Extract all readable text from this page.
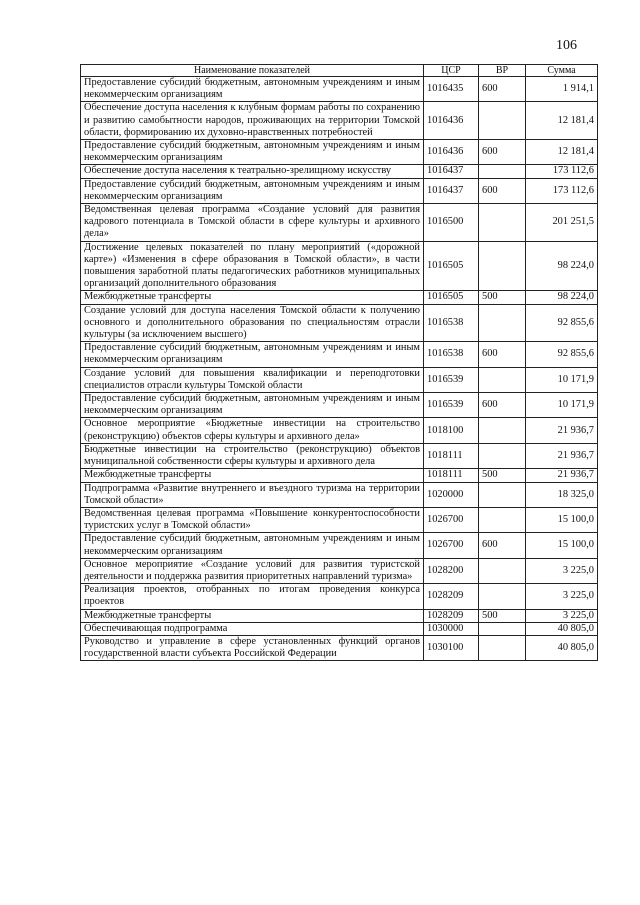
106
Наименование показателей	ЦСР	ВР	Сумма
Предоставление субсидий бюджетным, автономным учреждениям и иным некоммерческим организациям	1016435	600	1 914,1
Обеспечение доступа населения к клубным формам работы по сохранению и развитию самобытности народов, проживающих на территории Томской области, формированию их духовно-нравственных потребностей	1016436		12 181,4
Предоставление субсидий бюджетным, автономным учреждениям и иным некоммерческим организациям	1016436	600	12 181,4
Обеспечение доступа населения к театрально-зрелищному искусству	1016437		173 112,6
Предоставление субсидий бюджетным, автономным учреждениям и иным некоммерческим организациям	1016437	600	173 112,6
Ведомственная целевая программа «Создание условий для развития кадрового потенциала в Томской области в сфере культуры и архивного дела»	1016500		201 251,5
Достижение целевых показателей по плану мероприятий («дорожной карте») «Изменения в сфере образования в Томской области», в части повышения заработной платы педагогических работников муниципальных организаций дополнительного образования	1016505		98 224,0
Межбюджетные трансферты	1016505	500	98 224,0
Создание условий для доступа населения Томской области к получению основного и дополнительного образования по специальностям отрасли культуры (за исключением высшего)	1016538		92 855,6
Предоставление субсидий бюджетным, автономным учреждениям и иным некоммерческим организациям	1016538	600	92 855,6
Создание условий для повышения квалификации и переподготовки специалистов отрасли культуры Томской области	1016539		10 171,9
Предоставление субсидий бюджетным, автономным учреждениям и иным некоммерческим организациям	1016539	600	10 171,9
Основное мероприятие «Бюджетные инвестиции на строительство (реконструкцию) объектов сферы культуры и архивного дела»	1018100		21 936,7
Бюджетные инвестиции на строительство (реконструкцию) объектов муниципальной собственности сферы культуры и архивного дела	1018111		21 936,7
Межбюджетные трансферты	1018111	500	21 936,7
Подпрограмма «Развитие внутреннего и въездного туризма на территории Томской области»	1020000		18 325,0
Ведомственная целевая программа «Повышение конкурентоспособности туристских услуг в Томской области»	1026700		15 100,0
Предоставление субсидий бюджетным, автономным учреждениям и иным некоммерческим организациям	1026700	600	15 100,0
Основное мероприятие «Создание условий для развития туристской деятельности и поддержка развития приоритетных направлений туризма»	1028200		3 225,0
Реализация проектов, отобранных по итогам проведения конкурса проектов	1028209		3 225,0
Межбюджетные трансферты	1028209	500	3 225,0
Обеспечивающая подпрограмма	1030000		40 805,0
Руководство и управление в сфере установленных функций органов государственной власти субъекта Российской Федерации	1030100		40 805,0
